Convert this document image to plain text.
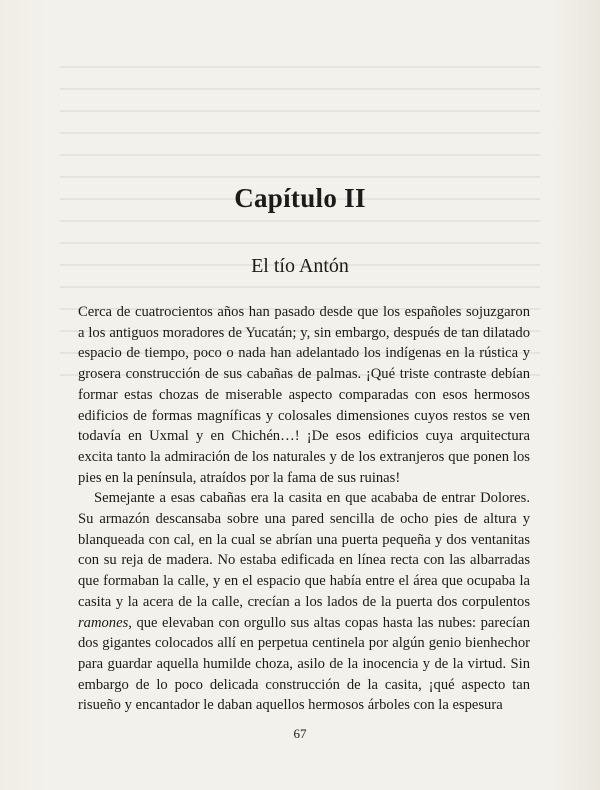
Capítulo II
El tío Antón

Cerca de cuatrocientos años han pasado desde que los españoles sojuzgaron a los antiguos moradores de Yucatán; y, sin embargo, después de tan dilatado espacio de tiempo, poco o nada han adelantado los indígenas en la rústica y grosera construcción de sus cabañas de palmas. ¡Qué triste contraste debían formar estas chozas de miserable aspecto comparadas con esos hermosos edificios de formas magníficas y colosales dimensiones cuyos restos se ven todavía en Uxmal y en Chichén…! ¡De esos edificios cuya arquitectura excita tanto la admiración de los naturales y de los extranjeros que ponen los pies en la península, atraídos por la fama de sus ruinas!

Semejante a esas cabañas era la casita en que acababa de entrar Dolores. Su armazón descansaba sobre una pared sencilla de ocho pies de altura y blanqueada con cal, en la cual se abrían una puerta pequeña y dos ventanitas con su reja de madera. No estaba edificada en línea recta con las albarradas que formaban la calle, y en el espacio que había entre el área que ocupaba la casita y la acera de la calle, crecían a los lados de la puerta dos corpulentos ramones, que elevaban con orgullo sus altas copas hasta las nubes: parecían dos gigantes colocados allí en perpetua centinela por algún genio bienhechor para guardar aquella humilde choza, asilo de la inocencia y de la virtud. Sin embargo de lo poco delicada construcción de la casita, ¡qué aspecto tan risueño y encantador le daban aquellos hermosos árboles con la espesura

67
